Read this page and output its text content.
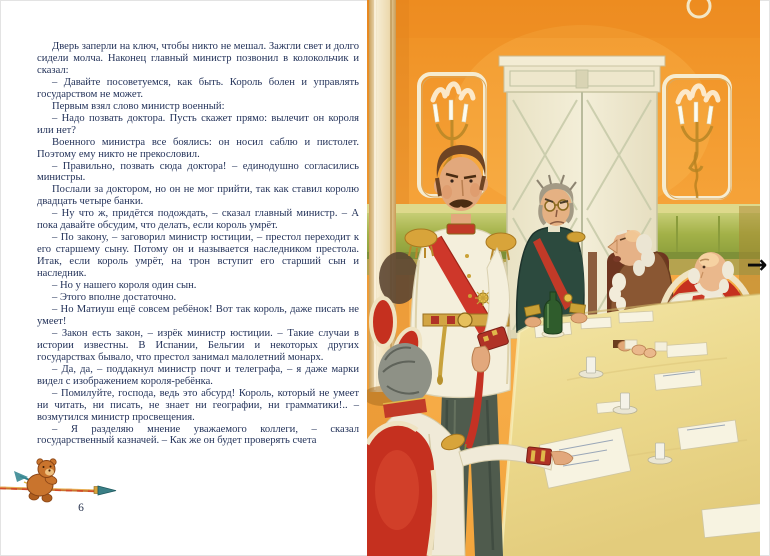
Дверь заперли на ключ, чтобы никто не мешал. Зажгли свет и долго сидели молча. Наконец главный министр позвонил в колокольчик и сказал:

– Давайте посоветуемся, как быть. Король болен и управлять государством не может.

Первым взял слово министр военный:

– Надо позвать доктора. Пусть скажет прямо: вылечит он короля или нет?

Военного министра все боялись: он носил саблю и пистолет. Поэтому ему никто не прекословил.

– Правильно, позвать сюда доктора! – единодушно согласились министры.

Послали за доктором, но он не мог прийти, так как ставил королю двадцать четыре банки.

– Ну что ж, придётся подождать, – сказал главный министр. – А пока давайте обсудим, что делать, если король умрёт.

– По закону, – заговорил министр юстиции, – престол переходит к его старшему сыну. Потому он и называется наследником престола. Итак, если король умрёт, на трон вступит его старший сын и наследник.

– Но у нашего короля один сын.

– Этого вполне достаточно.

– Но Матиуш ещё совсем ребёнок! Вот так король, даже писать не умеет!

– Закон есть закон, – изрёк министр юстиции. – Такие случаи в истории известны. В Испании, Бельгии и некоторых других государствах бывало, что престол занимал малолетний монарх.

– Да, да, – поддакнул министр почт и телеграфа, – я даже марки видел с изображением короля-ребёнка.

– Помилуйте, господа, ведь это абсурд! Король, который не умеет ни читать, ни писать, не знает ни географии, ни грамматики!.. – возмутился министр просвещения.

– Я разделяю мнение уважаемого коллеги, – сказал государственный казначей. – Как же он будет проверять счета

6
→
